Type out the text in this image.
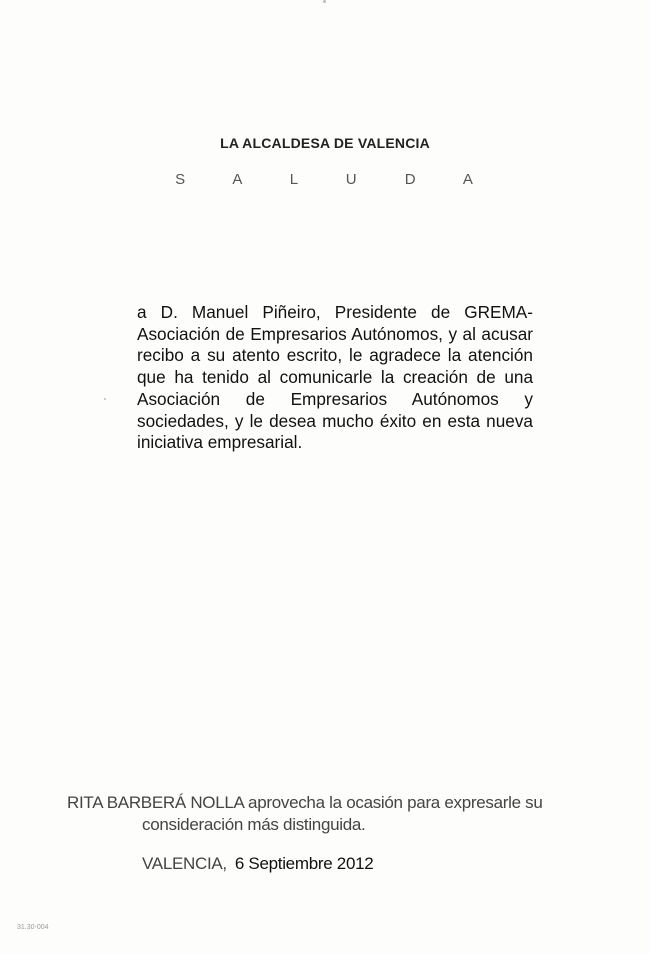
LA ALCALDESA DE VALENCIA
S A L U D A
a D. Manuel Piñeiro, Presidente de GREMA-Asociación de Empresarios Autónomos, y al acusar recibo a su atento escrito, le agradece la atención que ha tenido al comunicarle la creación de una Asociación de Empresarios Autónomos y sociedades, y le desea mucho éxito en esta nueva iniciativa empresarial.
RITA BARBERÁ NOLLA aprovecha la ocasión para expresarle su
consideración más distinguida.
VALENCIA, 6 Septiembre 2012
31.30-004
